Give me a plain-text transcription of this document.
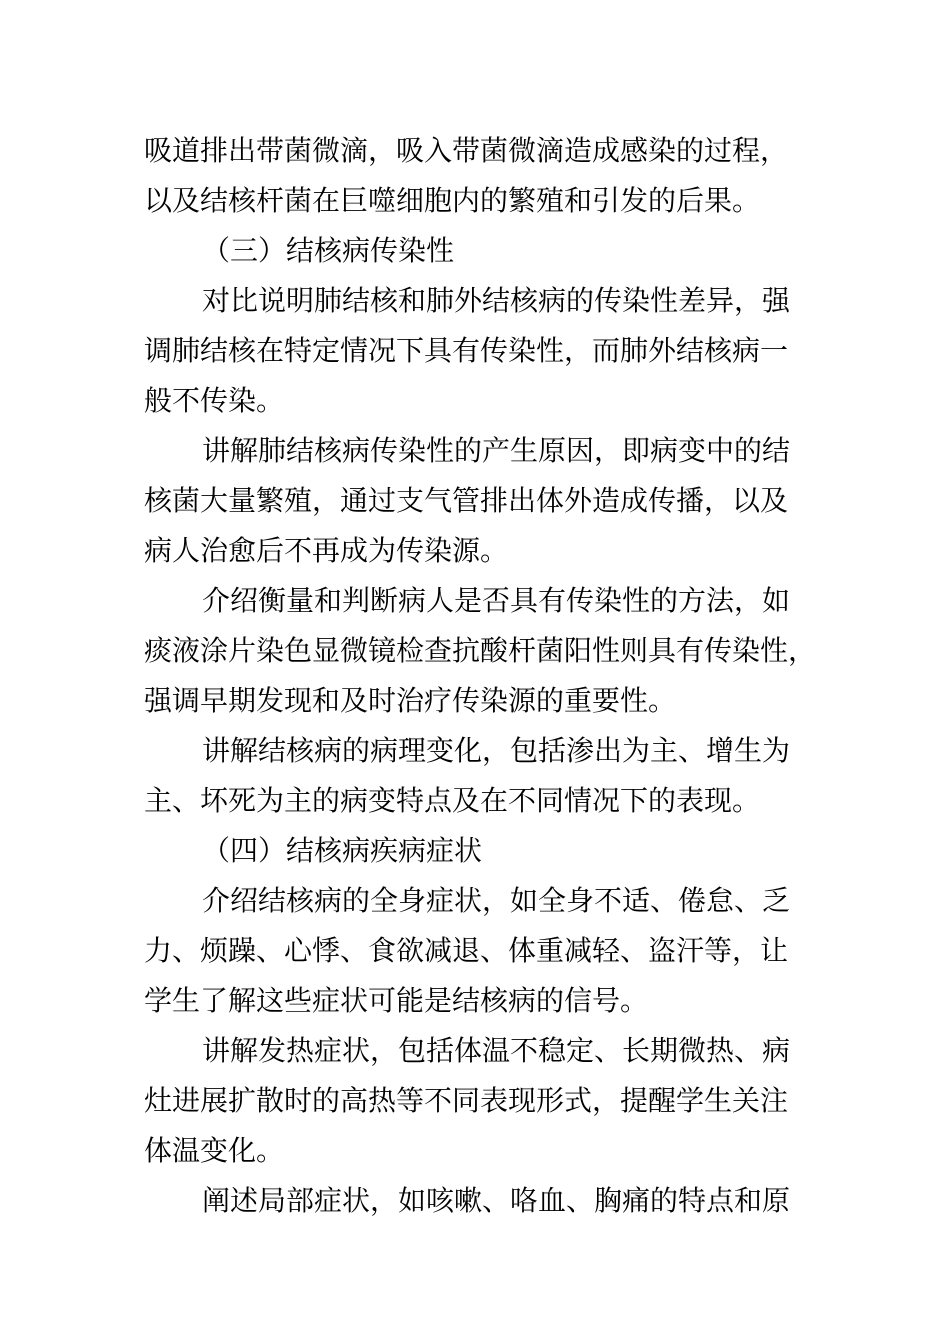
吸道排出带菌微滴，吸入带菌微滴造成感染的过程，
以及结核杆菌在巨噬细胞内的繁殖和引发的后果。
（三）结核病传染性
对比说明肺结核和肺外结核病的传染性差异，强
调肺结核在特定情况下具有传染性，而肺外结核病一
般不传染。
讲解肺结核病传染性的产生原因，即病变中的结
核菌大量繁殖，通过支气管排出体外造成传播，以及
病人治愈后不再成为传染源。
介绍衡量和判断病人是否具有传染性的方法，如
痰液涂片染色显微镜检查抗酸杆菌阳性则具有传染性，
强调早期发现和及时治疗传染源的重要性。
讲解结核病的病理变化，包括渗出为主、增生为
主、坏死为主的病变特点及在不同情况下的表现。
（四）结核病疾病症状
介绍结核病的全身症状，如全身不适、倦怠、乏
力、烦躁、心悸、食欲减退、体重减轻、盗汗等，让
学生了解这些症状可能是结核病的信号。
讲解发热症状，包括体温不稳定、长期微热、病
灶进展扩散时的高热等不同表现形式，提醒学生关注
体温变化。
阐述局部症状，如咳嗽、咯血、胸痛的特点和原
